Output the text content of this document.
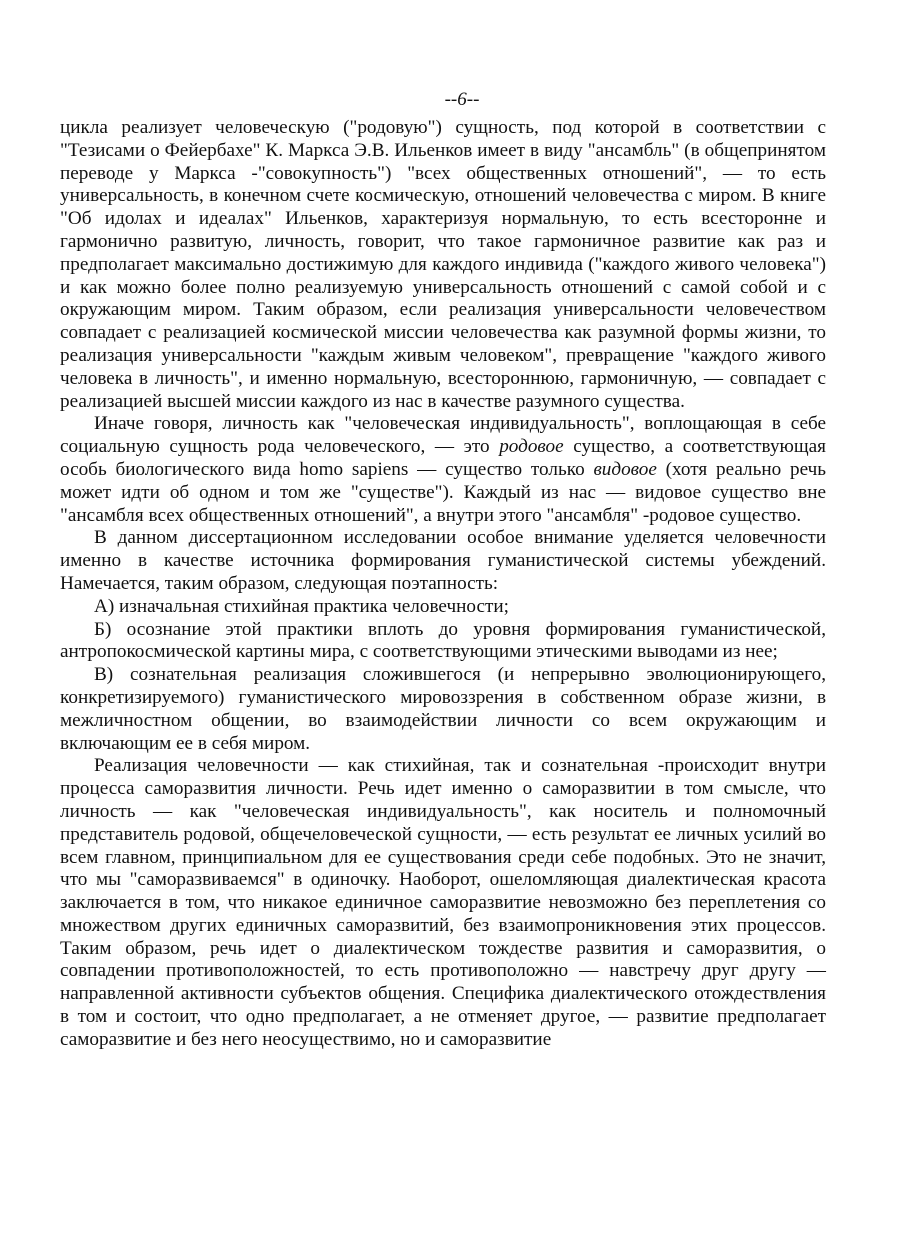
--6--

цикла реализует человеческую ("родовую") сущность, под которой в соответствии с "Тезисами о Фейербахе" К. Маркса Э.В. Ильенков имеет в виду "ансамбль" (в общепринятом переводе у Маркса -"совокупность") "всех общественных отношений", — то есть универсальность, в конечном счете космическую, отношений человечества с миром. В книге "Об идолах и идеалах" Ильенков, характеризуя нормальную, то есть всесторонне и гармонично развитую, личность, говорит, что такое гармоничное развитие как раз и предполагает максимально достижимую для каждого индивида ("каждого живого человека") и как можно более полно реализуемую универсальность отношений с самой собой и с окружающим миром. Таким образом, если реализация универсальности человечеством совпадает с реализацией космической миссии человечества как разумной формы жизни, то реализация универсальности "каждым живым человеком", превращение "каждого живого человека в личность", и именно нормальную, всестороннюю, гармоничную, — совпадает с реализацией высшей миссии каждого из нас в качестве разумного существа.

Иначе говоря, личность как "человеческая индивидуальность", воплощающая в себе социальную сущность рода человеческого, — это родовое существо, а соответствующая особь биологического вида homo sapiens — существо только видовое (хотя реально речь может идти об одном и том же "существе"). Каждый из нас — видовое существо вне "ансамбля всех общественных отношений", а внутри этого "ансамбля" -родовое существо.

В данном диссертационном исследовании особое внимание уделяется человечности именно в качестве источника формирования гуманистической системы убеждений. Намечается, таким образом, следующая поэтапность:

А) изначальная стихийная практика человечности;

Б) осознание этой практики вплоть до уровня формирования гуманистической, антропокосмической картины мира, с соответствующими этическими выводами из нее;

В) сознательная реализация сложившегося (и непрерывно эволюционирующего, конкретизируемого) гуманистического мировоззрения в собственном образе жизни, в межличностном общении, во взаимодействии личности со всем окружающим и включающим ее в себя миром.

Реализация человечности — как стихийная, так и сознательная -происходит внутри процесса саморазвития личности. Речь идет именно о саморазвитии в том смысле, что личность — как "человеческая индивидуальность", как носитель и полномочный представитель родовой, общечеловеческой сущности, — есть результат ее личных усилий во всем главном, принципиальном для ее существования среди себе подобных. Это не значит, что мы "саморазвиваемся" в одиночку. Наоборот, ошеломляющая диалектическая красота заключается в том, что никакое единичное саморазвитие невозможно без переплетения со множеством других единичных саморазвитий, без взаимопроникновения этих процессов. Таким образом, речь идет о диалектическом тождестве развития и саморазвития, о совпадении противоположностей, то есть противоположно — навстречу друг другу — направленной активности субъектов общения. Специфика диалектического отождествления в том и состоит, что одно предполагает, а не отменяет другое, — развитие предполагает саморазвитие и без него неосуществимо, но и саморазвитие
